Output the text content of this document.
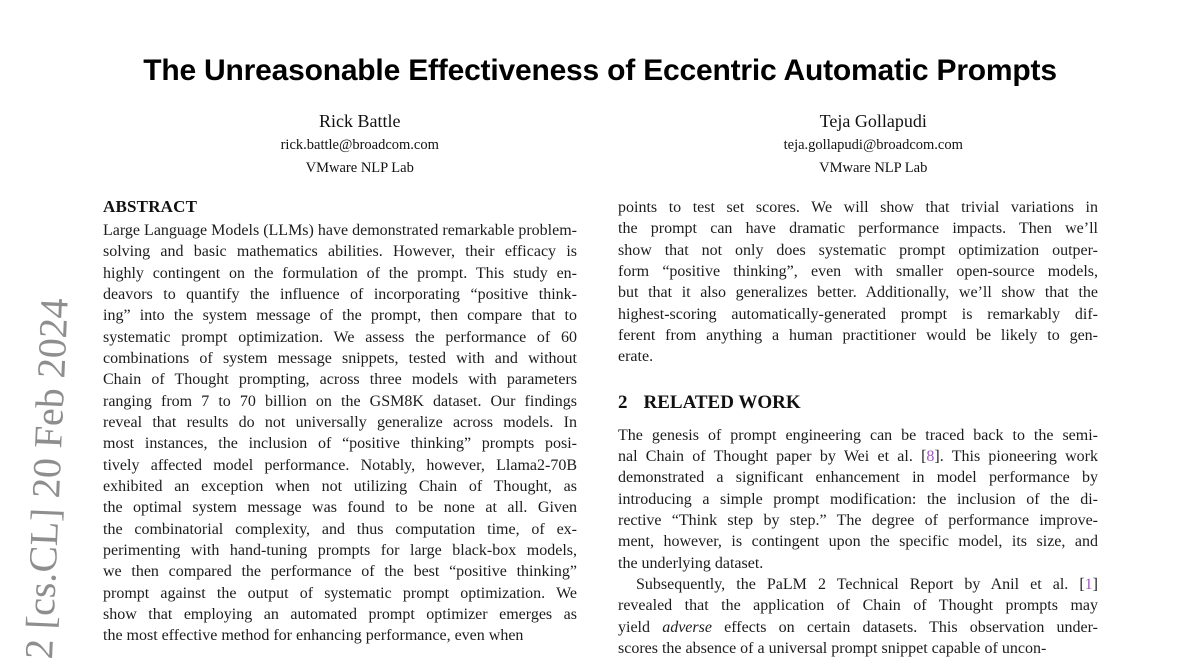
2 [cs.CL] 20 Feb 2024
The Unreasonable Effectiveness of Eccentric Automatic Prompts
Rick Battle
rick.battle@broadcom.com
VMware NLP Lab
Teja Gollapudi
teja.gollapudi@broadcom.com
VMware NLP Lab
ABSTRACT
Large Language Models (LLMs) have demonstrated remarkable problem-
solving and basic mathematics abilities. However, their efficacy is
highly contingent on the formulation of the prompt. This study en-
deavors to quantify the influence of incorporating “positive think-
ing” into the system message of the prompt, then compare that to
systematic prompt optimization. We assess the performance of 60
combinations of system message snippets, tested with and without
Chain of Thought prompting, across three models with parameters
ranging from 7 to 70 billion on the GSM8K dataset. Our findings
reveal that results do not universally generalize across models. In
most instances, the inclusion of “positive thinking” prompts posi-
tively affected model performance. Notably, however, Llama2-70B
exhibited an exception when not utilizing Chain of Thought, as
the optimal system message was found to be none at all. Given
the combinatorial complexity, and thus computation time, of ex-
perimenting with hand-tuning prompts for large black-box models,
we then compared the performance of the best “positive thinking”
prompt against the output of systematic prompt optimization. We
show that employing an automated prompt optimizer emerges as
the most effective method for enhancing performance, even when
points to test set scores. We will show that trivial variations in
the prompt can have dramatic performance impacts. Then we’ll
show that not only does systematic prompt optimization outper-
form “positive thinking”, even with smaller open-source models,
but that it also generalizes better. Additionally, we’ll show that the
highest-scoring automatically-generated prompt is remarkably dif-
ferent from anything a human practitioner would be likely to gen-
erate.
2 RELATED WORK
The genesis of prompt engineering can be traced back to the semi-
nal Chain of Thought paper by Wei et al. [8]. This pioneering work
demonstrated a significant enhancement in model performance by
introducing a simple prompt modification: the inclusion of the di-
rective “Think step by step.” The degree of performance improve-
ment, however, is contingent upon the specific model, its size, and
the underlying dataset.
Subsequently, the PaLM 2 Technical Report by Anil et al. [1]
revealed that the application of Chain of Thought prompts may
yield adverse effects on certain datasets. This observation under-
scores the absence of a universal prompt snippet capable of uncon-
